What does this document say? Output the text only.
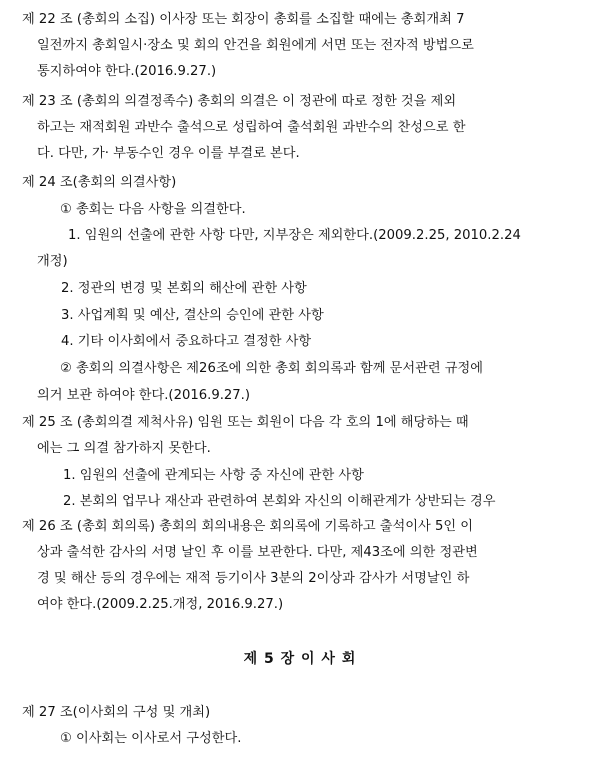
제 22 조 (총회의 소집) 이사장 또는 회장이 총회를 소집할 때에는 총회개최 7
일전까지 총회일시·장소 및 회의 안건을 회원에게 서면 또는 전자적 방법으로
통지하여야 한다.(2016.9.27.)
제 23 조 (총회의 의결정족수) 총회의 의결은 이 정관에 따로 정한 것을 제외
하고는 재적회원 과반수 출석으로 성립하여 출석회원 과반수의 찬성으로 한
다. 다만, 가· 부동수인 경우 이를 부결로 본다.
제 24 조(총회의 의결사항)
① 총회는 다음 사항을 의결한다.
1. 임원의 선출에 관한 사항 다만, 지부장은 제외한다.(2009.2.25, 2010.2.24
개정)
2. 정관의 변경 및 본회의 해산에 관한 사항
3. 사업계획 및 예산, 결산의 승인에 관한 사항
4. 기타 이사회에서 중요하다고 결정한 사항
② 총회의 의결사항은 제26조에 의한 총회 회의록과 함께 문서관련 규정에
의거 보관 하여야 한다.(2016.9.27.)
제 25 조 (총회의결 제척사유) 임원 또는 회원이 다음 각 호의 1에 해당하는 때
에는 그 의결 참가하지 못한다.
1. 임원의 선출에 관계되는 사항 중 자신에 관한 사항
2. 본회의 업무나 재산과 관련하여 본회와 자신의 이해관계가 상반되는 경우
제 26 조 (총회 회의록) 총회의 회의내용은 회의록에 기록하고 출석이사 5인 이
상과 출석한 감사의 서명 날인 후 이를 보관한다. 다만, 제43조에 의한 정관변
경 및 해산 등의 경우에는 재적 등기이사 3분의 2이상과 감사가 서명날인 하
여야 한다.(2009.2.25.개정, 2016.9.27.)
제 5 장 이 사 회
제 27 조(이사회의 구성 및 개최)
① 이사회는 이사로서 구성한다.
